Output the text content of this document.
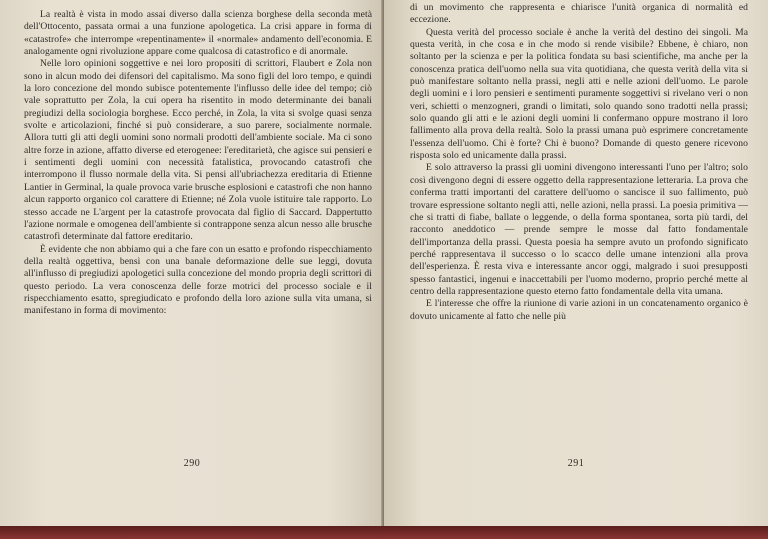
La realtà è vista in modo assai diverso dalla scienza borghese della seconda metà dell'Ottocento, passata ormai a una funzione apologetica. La crisi appare in forma di «catastrofe» che interrompe «repentinamente» il «normale» andamento dell'economia. E analogamente ogni rivoluzione appare come qualcosa di catastrofico e di anormale.

Nelle loro opinioni soggettive e nei loro propositi di scrittori, Flaubert e Zola non sono in alcun modo dei difensori del capitalismo. Ma sono figli del loro tempo, e quindi la loro concezione del mondo subisce potentemente l'influsso delle idee del tempo; ciò vale soprattutto per Zola, la cui opera ha risentito in modo determinante dei banali pregiudizi della sociologia borghese. Ecco perché, in Zola, la vita si svolge quasi senza svolte e articolazioni, finché si può considerare, a suo parere, socialmente normale. Allora tutti gli atti degli uomini sono normali prodotti dell'ambiente sociale. Ma ci sono altre forze in azione, affatto diverse ed eterogenee: l'ereditarietà, che agisce sui pensieri e i sentimenti degli uomini con necessità fatalistica, provocando catastrofi che interrompono il flusso normale della vita. Si pensi all'ubriachezza ereditaria di Etienne Lantier in Germinal, la quale provoca varie brusche esplosioni e catastrofi che non hanno alcun rapporto organico col carattere di Etienne; né Zola vuole istituire tale rapporto. Lo stesso accade ne L'argent per la catastrofe provocata dal figlio di Saccard. Dappertutto l'azione normale e omogenea dell'ambiente si contrappone senza alcun nesso alle brusche catastrofi determinate dal fattore ereditario.

È evidente che non abbiamo qui a che fare con un esatto e profondo rispecchiamento della realtà oggettiva, bensì con una banale deformazione delle sue leggi, dovuta all'influsso di pregiudizi apologetici sulla concezione del mondo propria degli scrittori di questo periodo. La vera conoscenza delle forze motrici del processo sociale e il rispecchiamento esatto, spregiudicato e profondo della loro azione sulla vita umana, si manifestano in forma di movimento:

290

di un movimento che rappresenta e chiarisce l'unità organica di normalità ed eccezione.

Questa verità del processo sociale è anche la verità del destino dei singoli. Ma questa verità, in che cosa e in che modo si rende visibile? Ebbene, è chiaro, non soltanto per la scienza e per la politica fondata su basi scientifiche, ma anche per la conoscenza pratica dell'uomo nella sua vita quotidiana, che questa verità della vita si può manifestare soltanto nella prassi, negli atti e nelle azioni dell'uomo. Le parole degli uomini e i loro pensieri e sentimenti puramente soggettivi si rivelano veri o non veri, schietti o menzogneri, grandi o limitati, solo quando sono tradotti nella prassi; solo quando gli atti e le azioni degli uomini li confermano oppure mostrano il loro fallimento alla prova della realtà. Solo la prassi umana può esprimere concretamente l'essenza dell'uomo. Chi è forte? Chi è buono? Domande di questo genere ricevono risposta solo ed unicamente dalla prassi.

E solo attraverso la prassi gli uomini divengono interessanti l'uno per l'altro; solo così divengono degni di essere oggetto della rappresentazione letteraria. La prova che conferma tratti importanti del carattere dell'uomo o sancisce il suo fallimento, può trovare espressione soltanto negli atti, nelle azioni, nella prassi. La poesia primitiva — che si tratti di fiabe, ballate o leggende, o della forma spontanea, sorta più tardi, del racconto aneddotico — prende sempre le mosse dal fatto fondamentale dell'importanza della prassi. Questa poesia ha sempre avuto un profondo significato perché rappresentava il successo o lo scacco delle umane intenzioni alla prova dell'esperienza. È resta viva e interessante ancor oggi, malgrado i suoi presupposti spesso fantastici, ingenui e inaccettabili per l'uomo moderno, proprio perché mette al centro della rappresentazione questo eterno fatto fondamentale della vita umana.

E l'interesse che offre la riunione di varie azioni in un concatenamento organico è dovuto unicamente al fatto che nelle più

291
